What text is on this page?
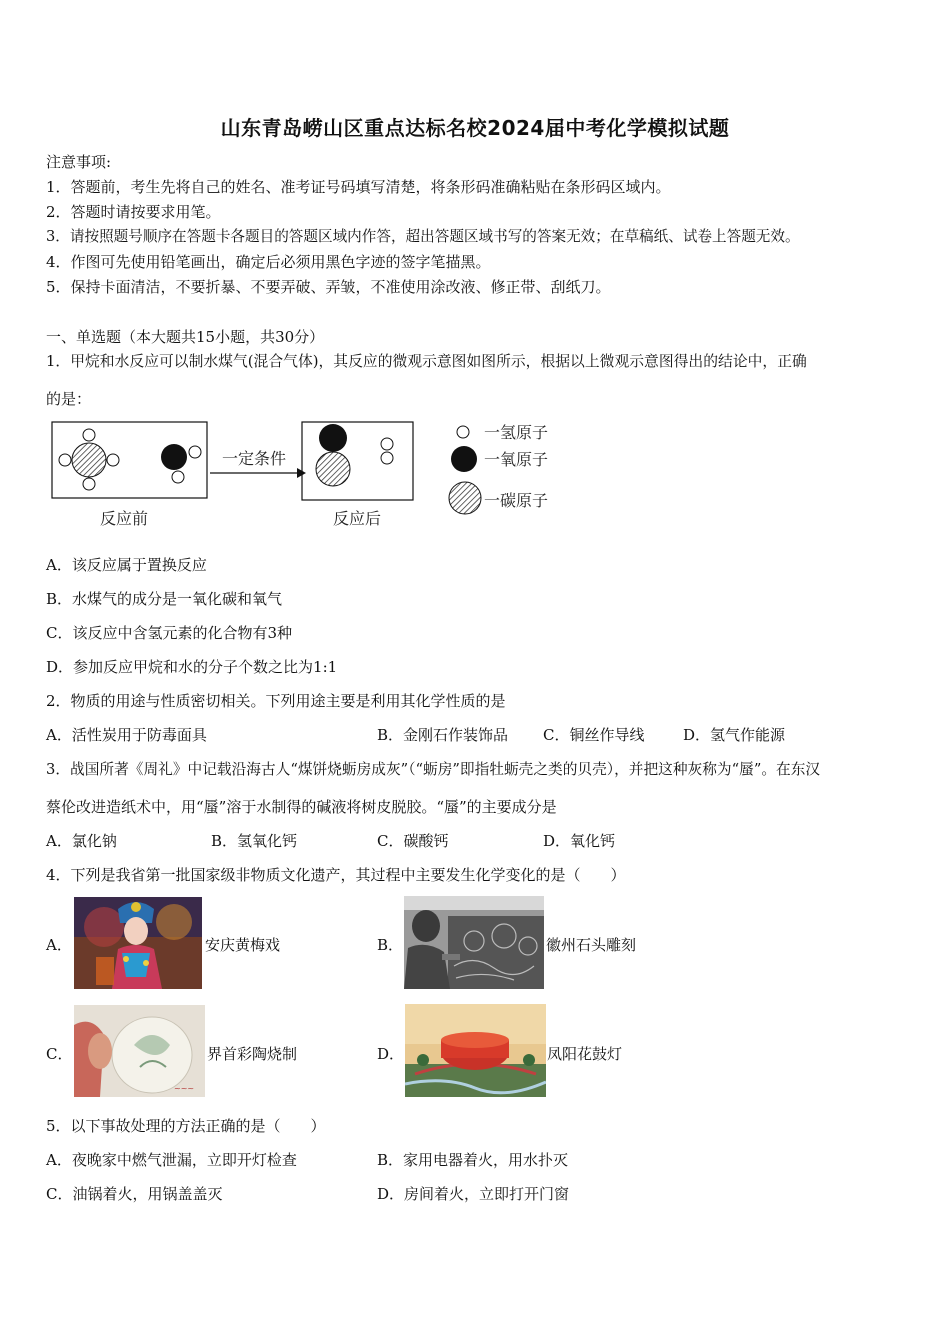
山东青岛崂山区重点达标名校2024届中考化学模拟试题
注意事项:
1．答题前，考生先将自己的姓名、准考证号码填写清楚，将条形码准确粘贴在条形码区域内。
2．答题时请按要求用笔。
3．请按照题号顺序在答题卡各题目的答题区域内作答，超出答题区域书写的答案无效；在草稿纸、试卷上答题无效。
4．作图可先使用铅笔画出，确定后必须用黑色字迹的签字笔描黑。
5．保持卡面清洁，不要折暴、不要弄破、弄皱，不准使用涂改液、修正带、刮纸刀。
一、单选题（本大题共15小题，共30分）
1．甲烷和水反应可以制水煤气(混合气体)，其反应的微观示意图如图所示，根据以上微观示意图得出的结论中，正确
的是：
一定条件
一氢原子
一氧原子
一碳原子
反应前	反应后
A．该反应属于置换反应
B．水煤气的成分是一氧化碳和氧气
C．该反应中含氢元素的化合物有3种
D．参加反应甲烷和水的分子个数之比为1:1
2．物质的用途与性质密切相关。下列用途主要是利用其化学性质的是
A．活性炭用于防毒面具	B．金刚石作装饰品 C．铜丝作导线	D．氢气作能源
3．战国所著《周礼》中记载沿海古人“煤饼烧蛎房成灰”（“蛎房”即指牡蛎壳之类的贝壳），并把这种灰称为“蜃”。在东汉
蔡伦改进造纸术中，用“蜃”溶于水制得的碱液将树皮脱胶。“蜃”的主要成分是
A．氯化钠	B．氢氧化钙	C．碳酸钙	D．氧化钙
4．下列是我省第一批国家级非物质文化遗产，其过程中主要发生化学变化的是（　　）
A．	安庆黄梅戏	B．	徽州石头雕刻
C．
~~~
界首彩陶烧制	D．	凤阳花鼓灯
5．以下事故处理的方法正确的是（　　）
A．夜晚家中燃气泄漏，立即开灯检查	B．家用电器着火，用水扑灭
C．油锅着火，用锅盖盖灭	D．房间着火，立即打开门窗
